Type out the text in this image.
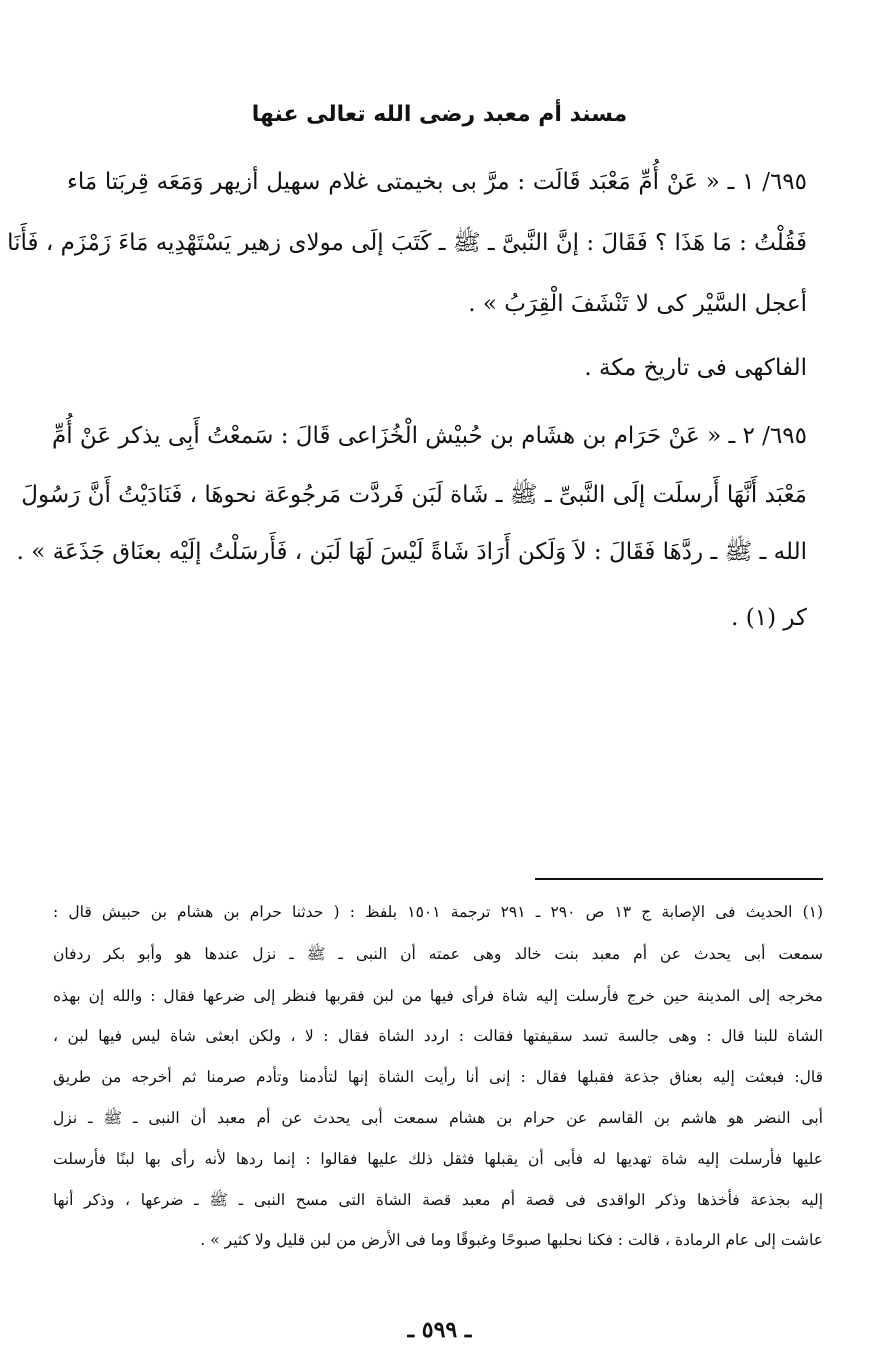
مسند أم معبد رضى الله تعالى عنها
٦٩٥/ ١ ـ « عَنْ أُمِّ مَعْبَد قَالَت : مرَّ بى بخيمتى غلام سهيل أزيهر وَمَعَه قِربَتا مَاء
فَقُلْتُ : مَا هَذَا ؟ فَقَالَ : إنَّ النَّبىَّ ـ ﷺ ـ كَتَبَ إلَى مولاى زهير يَسْتَهْدِيه مَاءَ زَمْزَم ، فَأَنَا
أعجل السَّيْر كى لا تَنْشَفَ الْقِرَبُ » .
الفاكهى فى تاريخ مكة .
٦٩٥/ ٢ ـ « عَنْ حَرَام بن هشَام بن حُبيْش الْخُزَاعى قَالَ : سَمعْتُ أَبِى يذكر عَنْ أُمِّ
مَعْبَد أَنَّهَا أَرسلَت إلَى النَّبىِّ ـ ﷺ ـ شَاة لَبَن فَردَّت مَرجُوعَة نحوهَا ، فَنَادَيْتُ أَنَّ رَسُولَ
الله ـ ﷺ ـ ردَّهَا فَقَالَ : لاَ وَلَكن أَرَادَ شَاةً لَيْسَ لَهَا لَبَن ، فَأَرسَلْتُ إلَيْه بعنَاق جَذَعَة » .
كر (١) .
(١) الحديث فى الإصابة ج ١٣ ص ٢٩٠ ـ ٢٩١ ترجمة ١٥٠١ بلفظ : ( حدثنا حرام بن هشام بن حبيش قال :
سمعت أبى يحدث عن أم معبد بنت خالد وهى عمته أن النبى ـ ﷺ ـ نزل عندها هو وأبو بكر ردفان
مخرجه إلى المدينة حين خرج فأرسلت إليه شاة فرأى فيها من لبن فقربها فنظر إلى ضرعها فقال : والله إن بهذه
الشاة للبنا قال : وهى جالسة تسد سقيفتها فقالت : اردد الشاة فقال : لا ، ولكن ابعثى شاة ليس فيها لبن ،
قال: فبعثت إليه بعناق جذعة فقبلها فقال : إنى أنا رأيت الشاة إنها لتأدمنا وتأدم صرمنا ثم أخرجه من طريق
أبى النضر هو هاشم بن القاسم عن حرام بن هشام سمعت أبى يحدث عن أم معبد أن النبى ـ ﷺ ـ نزل
عليها فأرسلت إليه شاة تهديها له فأبى أن يقبلها فثقل ذلك عليها فقالوا : إنما ردها لأنه رأى بها لبنًا فأرسلت
إليه بجذعة فأخذها وذكر الواقدى فى قصة أم معبد قصة الشاة التى مسح النبى ـ ﷺ ـ ضرعها ، وذكر أنها
عاشت إلى عام الرمادة ، قالت : فكنا نحلبها صبوحًا وغبوقًا وما فى الأرض من لبن قليل ولا كثير » .
ـ ٥٩٩ ـ
